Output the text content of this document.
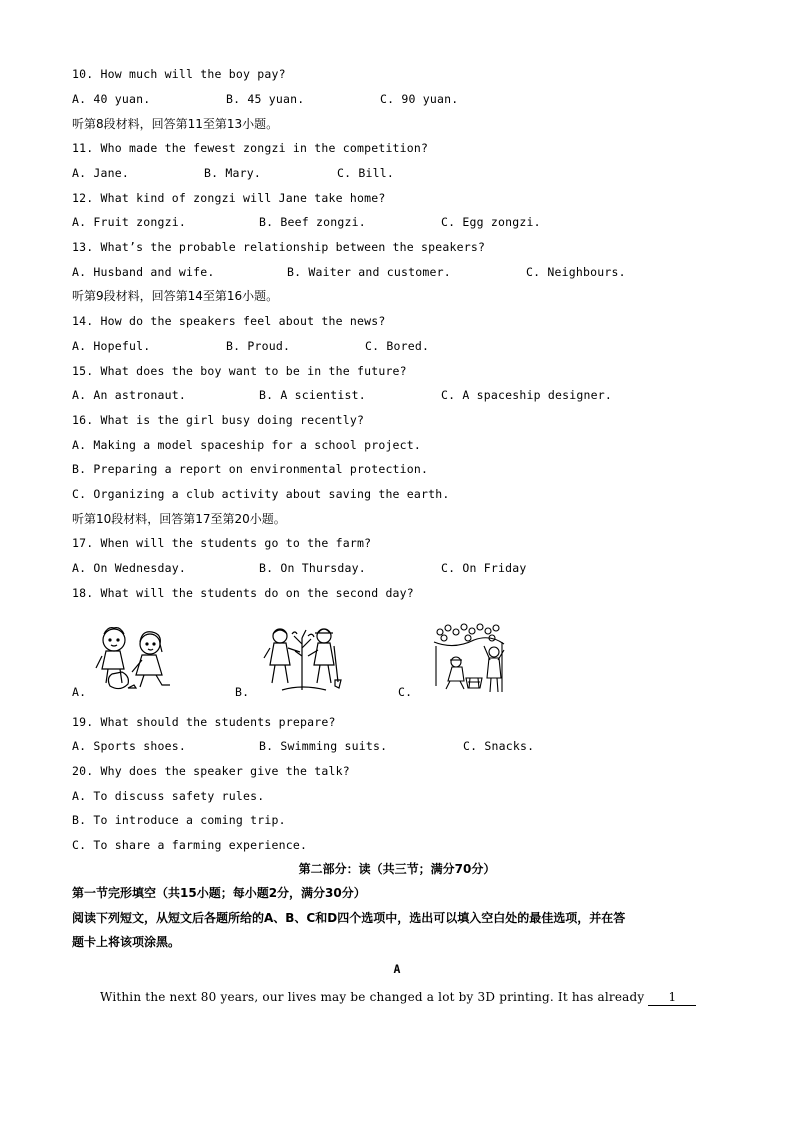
10. How much will the boy pay?
A. 40 yuan.	B. 45 yuan.	C. 90 yuan.
听第8段材料，回答第11至第13小题。
11. Who made the fewest zongzi in the competition?
A. Jane.	B. Mary.	C. Bill.
12. What kind of zongzi will Jane take home?
A. Fruit zongzi.	B. Beef zongzi.	C. Egg zongzi.
13. What’s the probable relationship between the speakers?
A. Husband and wife.	B. Waiter and customer.	C. Neighbours.
听第9段材料，回答第14至第16小题。
14. How do the speakers feel about the news?
A. Hopeful.	B. Proud.	C. Bored.
15. What does the boy want to be in the future?
A. An astronaut.	B. A scientist.	C. A spaceship designer.
16. What is the girl busy doing recently?
A. Making a model spaceship for a school project.
B. Preparing a report on environmental protection.
C. Organizing a club activity about saving the earth.
听第10段材料，回答第17至第20小题。
17. When will the students go to the farm?
A. On Wednesday.	B. On Thursday.	C. On Friday
18. What will the students do on the second day?
A.	B.	C.
19. What should the students prepare?
A. Sports shoes.	B. Swimming suits.	C. Snacks.
20. Why does the speaker give the talk?
A. To discuss safety rules.
B. To introduce a coming trip.
C. To share a farming experience.
第二部分：读（共三节；满分70分）
第一节完形填空（共15小题；每小题2分，满分30分）
阅读下列短文，从短文后各题所给的A、B、C和D四个选项中，选出可以填入空白处的最佳选项，并在答
题卡上将该项涂黑。
A
Within the next 80 years, our lives may be changed a lot by 3D printing. It has already 1
